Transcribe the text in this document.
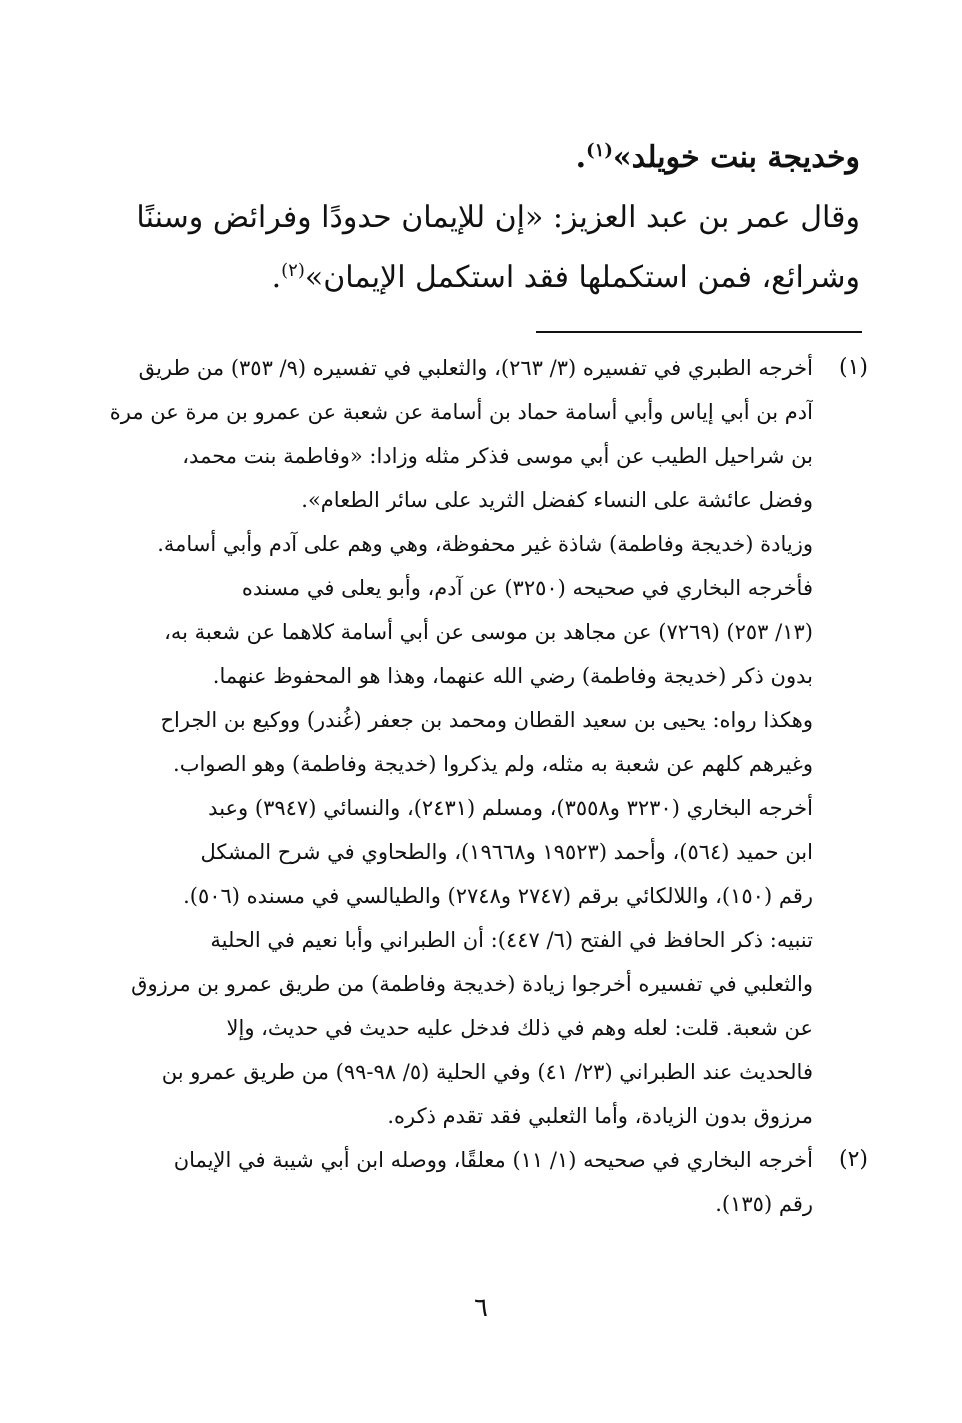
وخديجة بنت خويلد»$^{(١)}$.
وقال عمر بن عبد العزيز: «إن للإيمان حدودًا وفرائض وسننًا
وشرائع، فمن استكملها فقد استكمل الإيمان»$^{(٢)}$.
(١)
أخرجه الطبري في تفسيره (٣/ ٢٦٣)، والثعلبي في تفسيره (٩/ ٣٥٣) من طريق
آدم بن أبي إياس وأبي أسامة حماد بن أسامة عن شعبة عن عمرو بن مرة عن مرة
بن شراحيل الطيب عن أبي موسى فذكر مثله وزادا: «وفاطمة بنت محمد،
وفضل عائشة على النساء كفضل الثريد على سائر الطعام».
وزيادة (خديجة وفاطمة) شاذة غير محفوظة، وهي وهم على آدم وأبي أسامة.
فأخرجه البخاري في صحيحه (٣٢٥٠) عن آدم، وأبو يعلى في مسنده
(١٣/ ٢٥٣) (٧٢٦٩) عن مجاهد بن موسى عن أبي أسامة كلاهما عن شعبة به،
بدون ذكر (خديجة وفاطمة) رضي الله عنهما، وهذا هو المحفوظ عنهما.
وهكذا رواه: يحيى بن سعيد القطان ومحمد بن جعفر (غُندر) ووكيع بن الجراح
وغيرهم كلهم عن شعبة به مثله، ولم يذكروا (خديجة وفاطمة) وهو الصواب.
أخرجه البخاري (٣٢٣٠ و٣٥٥٨)، ومسلم (٢٤٣١)، والنسائي (٣٩٤٧) وعبد
ابن حميد (٥٦٤)، وأحمد (١٩٥٢٣ و١٩٦٦٨)، والطحاوي في شرح المشكل
رقم (١٥٠)، واللالكائي برقم (٢٧٤٧ و٢٧٤٨) والطيالسي في مسنده (٥٠٦).
تنبيه: ذكر الحافظ في الفتح (٦/ ٤٤٧): أن الطبراني وأبا نعيم في الحلية
والثعلبي في تفسيره أخرجوا زيادة (خديجة وفاطمة) من طريق عمرو بن مرزوق
عن شعبة. قلت: لعله وهم في ذلك فدخل عليه حديث في حديث، وإلا
فالحديث عند الطبراني (٢٣/ ٤١) وفي الحلية (٥/ ٩٨-٩٩) من طريق عمرو بن
مرزوق بدون الزيادة، وأما الثعلبي فقد تقدم ذكره.
(٢)
أخرجه البخاري في صحيحه (١/ ١١) معلقًا، ووصله ابن أبي شيبة في الإيمان
رقم (١٣٥).
٦
